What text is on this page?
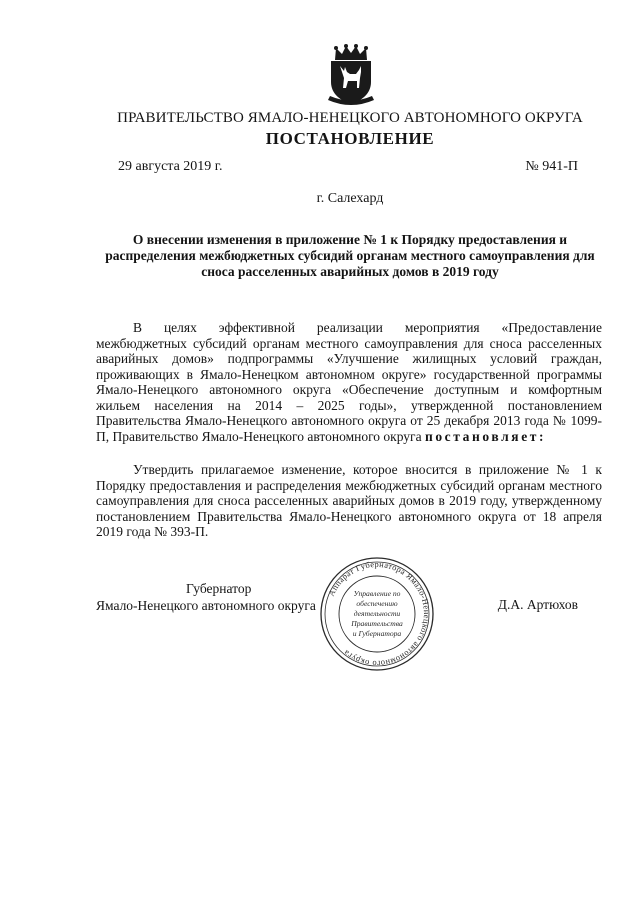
ПРАВИТЕЛЬСТВО ЯМАЛО-НЕНЕЦКОГО АВТОНОМНОГО ОКРУГА
ПОСТАНОВЛЕНИЕ
29 августа 2019 г.	№ 941-П
г. Салехард
О внесении изменения в приложение № 1 к Порядку предоставления и распределения межбюджетных субсидий органам местного самоуправления для сноса расселенных аварийных домов в 2019 году
В целях эффективной реализации мероприятия «Предоставление межбюджетных субсидий органам местного самоуправления для сноса расселенных аварийных домов» подпрограммы «Улучшение жилищных условий граждан, проживающих в Ямало-Ненецком автономном округе» государственной программы Ямало-Ненецкого автономного округа «Обеспечение доступным и комфортным жильем населения на 2014 – 2025 годы», утвержденной постановлением Правительства Ямало-Ненецкого автономного округа от 25 декабря 2013 года № 1099-П, Правительство Ямало-Ненецкого автономного округа постановляет:
Утвердить прилагаемое изменение, которое вносится в приложение № 1 к Порядку предоставления и распределения межбюджетных субсидий органам местного самоуправления для сноса расселенных аварийных домов в 2019 году, утвержденному постановлением Правительства Ямало-Ненецкого автономного округа от 18 апреля 2019 года № 393-П.
Губернатор
Ямало-Ненецкого автономного округа	Д.А. Артюхов
Аппарат Губернатора Ямало-Ненецкого автономного округа
Управление по
обеспечению
деятельности
Правительства
и Губернатора
